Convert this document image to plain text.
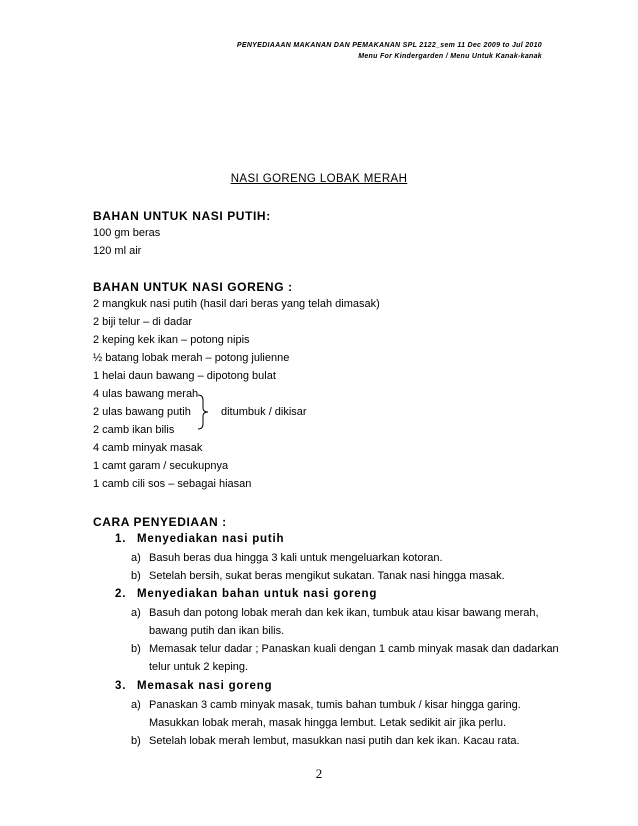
PENYEDIAAAN MAKANAN DAN PEMAKANAN SPL 2122_sem 11 Dec 2009 to Jul 2010
Menu For Kindergarden / Menu Untuk Kanak-kanak
NASI GORENG LOBAK MERAH
BAHAN UNTUK NASI PUTIH:
100 gm beras
120 ml air
BAHAN UNTUK NASI GORENG :
2 mangkuk nasi putih (hasil dari beras yang telah dimasak)
2 biji telur – di dadar
2 keping kek ikan – potong nipis
½ batang lobak merah – potong julienne
1 helai daun bawang – dipotong bulat
4 ulas bawang merah
2 ulas bawang putih
2 camb ikan bilis
4 camb minyak masak
1 camt garam / secukupnya
1 camb cili sos – sebagai hiasan
ditumbuk / dikisar
CARA PENYEDIAAN :
1. Menyediakan nasi putih
a) Basuh beras dua hingga 3 kali untuk mengeluarkan kotoran.
b) Setelah bersih, sukat beras mengikut sukatan. Tanak nasi hingga masak.
2. Menyediakan bahan untuk nasi goreng
a) Basuh dan potong lobak merah dan kek ikan, tumbuk atau kisar bawang merah,
bawang putih dan ikan bilis.
b) Memasak telur dadar ; Panaskan kuali dengan 1 camb minyak masak dan dadarkan
telur untuk 2 keping.
3. Memasak nasi goreng
a) Panaskan 3 camb minyak masak, tumis bahan tumbuk / kisar hingga garing.
Masukkan lobak merah, masak hingga lembut. Letak sedikit air jika perlu.
b) Setelah lobak merah lembut, masukkan nasi putih dan kek ikan. Kacau rata.
2
